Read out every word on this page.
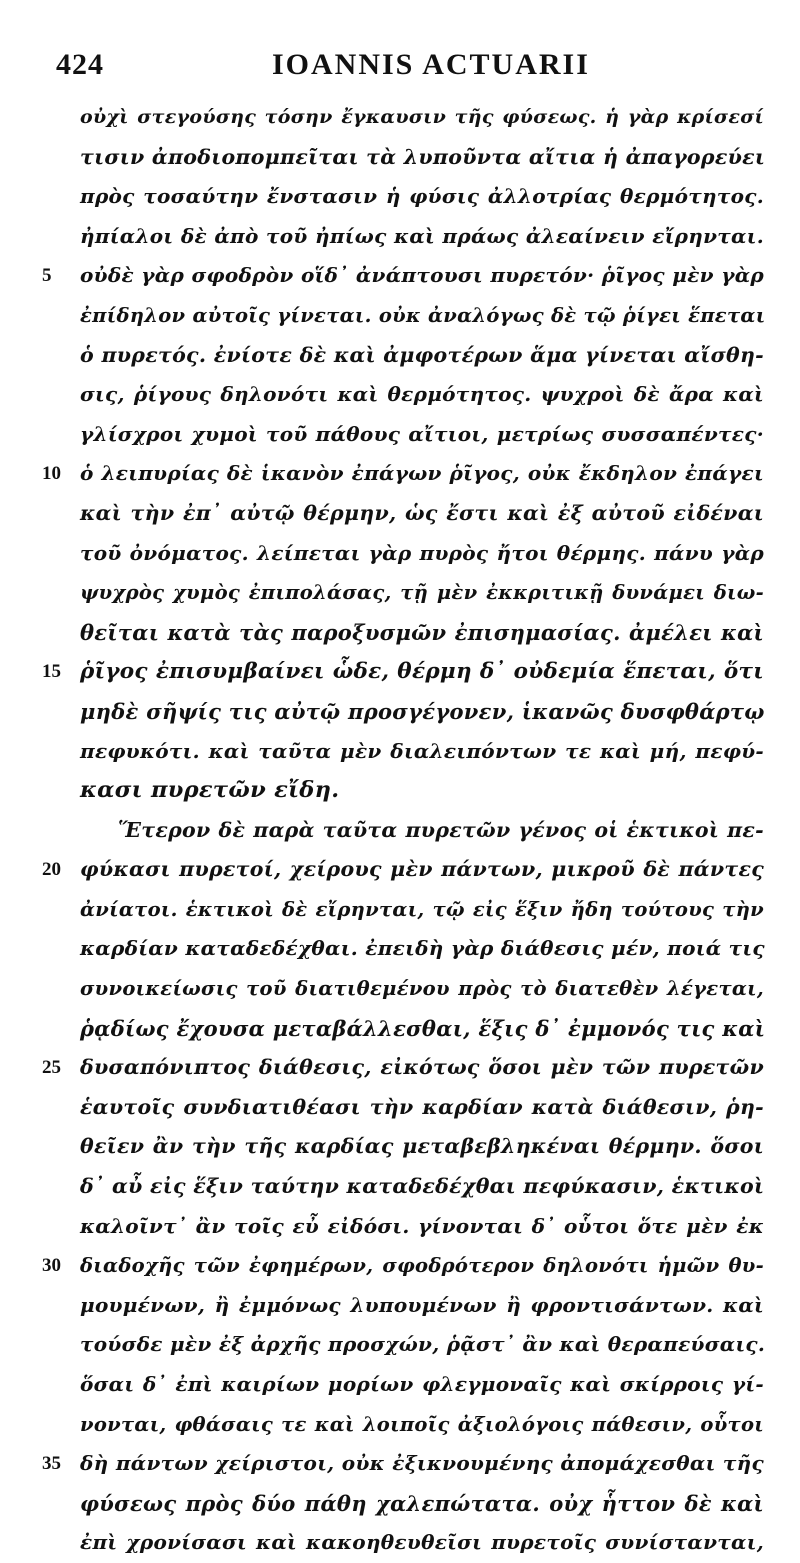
424	IOANNIS ACTUARII
οὐχὶ στεγούσης τόσην ἔγκαυσιν τῆς φύσεως. ἡ γὰρ κρίσεσί
τισιν ἀποδιοπομπεῖται τὰ λυποῦντα αἴτια ἡ ἀπαγορεύει
πρὸς τοσαύτην ἔνστασιν ἡ φύσις ἀλλοτρίας θερμότητος.
ἠπίαλοι δὲ ἀπὸ τοῦ ἠπίως καὶ πράως ἀλεαίνειν εἴρηνται.
5	οὐδὲ γὰρ σφοδρὸν οἵδ᾽ ἀνάπτουσι πυρετόν· ῥῖγος μὲν γὰρ
ἐπίδηλον αὐτοῖς γίνεται. οὐκ ἀναλόγως δὲ τῷ ῥίγει ἕπεται
ὁ πυρετός. ἐνίοτε δὲ καὶ ἀμφοτέρων ἅμα γίνεται αἴσθη-
σις, ῥίγους δηλονότι καὶ θερμότητος. ψυχροὶ δὲ ἄρα καὶ
γλίσχροι χυμοὶ τοῦ πάθους αἴτιοι, μετρίως συσσαπέντες·
10 ὁ λειπυρίας δὲ ἱκανὸν ἐπάγων ῥῖγος, οὐκ ἔκδηλον ἐπάγει
καὶ τὴν ἐπ᾽ αὐτῷ θέρμην, ὡς ἔστι καὶ ἐξ αὐτοῦ εἰδέναι
τοῦ ὀνόματος. λείπεται γὰρ πυρὸς ἤτοι θέρμης. πάνυ γὰρ
ψυχρὸς χυμὸς ἐπιπολάσας, τῇ μὲν ἐκκριτικῇ δυνάμει διω-
θεῖται κατὰ τὰς παροξυσμῶν ἐπισημασίας. ἀμέλει καὶ
15 ῥῖγος ἐπισυμβαίνει ὧδε, θέρμη δ᾽ οὐδεμία ἕπεται, ὅτι
μηδὲ σῆψίς τις αὐτῷ προσγέγονεν, ἱκανῶς δυσφθάρτῳ
πεφυκότι. καὶ ταῦτα μὲν διαλειπόντων τε καὶ μή, πεφύ-
κασι πυρετῶν εἴδη.
Ἕτερον δὲ παρὰ ταῦτα πυρετῶν γένος οἱ ἑκτικοὶ πε-
20 φύκασι πυρετοί, χείρους μὲν πάντων, μικροῦ δὲ πάντες
ἀνίατοι. ἑκτικοὶ δὲ εἴρηνται, τῷ εἰς ἕξιν ἤδη τούτους τὴν
καρδίαν καταδεδέχθαι. ἐπειδὴ γὰρ διάθεσις μέν, ποιά τις
συνοικείωσις τοῦ διατιθεμένου πρὸς τὸ διατεθὲν λέγεται,
ῥᾳδίως ἔχουσα μεταβάλλεσθαι, ἕξις δ᾽ ἐμμονός τις καὶ
25 δυσαπόνιπτος διάθεσις, εἰκότως ὅσοι μὲν τῶν πυρετῶν
ἑαυτοῖς συνδιατιθέασι τὴν καρδίαν κατὰ διάθεσιν, ῥη-
θεῖεν ἂν τὴν τῆς καρδίας μεταβεβληκέναι θέρμην. ὅσοι
δ᾽ αὖ εἰς ἕξιν ταύτην καταδεδέχθαι πεφύκασιν, ἑκτικοὶ
καλοῖντ᾽ ἂν τοῖς εὖ εἰδόσι. γίνονται δ᾽ οὗτοι ὅτε μὲν ἐκ
30 διαδοχῆς τῶν ἐφημέρων, σφοδρότερον δηλονότι ἡμῶν θυ-
μουμένων, ἢ ἐμμόνως λυπουμένων ἢ φροντισάντων. καὶ
τούσδε μὲν ἐξ ἀρχῆς προσχών, ῥᾷστ᾽ ἂν καὶ θεραπεύσαις.
ὅσαι δ᾽ ἐπὶ καιρίων μορίων φλεγμοναῖς καὶ σκίρροις γί-
νονται, φθάσαις τε καὶ λοιποῖς ἀξιολόγοις πάθεσιν, οὗτοι
35 δὴ πάντων χείριστοι, οὐκ ἐξικνουμένης ἀπομάχεσθαι τῆς
φύσεως πρὸς δύο πάθη χαλεπώτατα. οὐχ ἧττον δὲ καὶ
ἐπὶ χρονίσασι καὶ κακοηθευθεῖσι πυρετοῖς συνίστανται,
